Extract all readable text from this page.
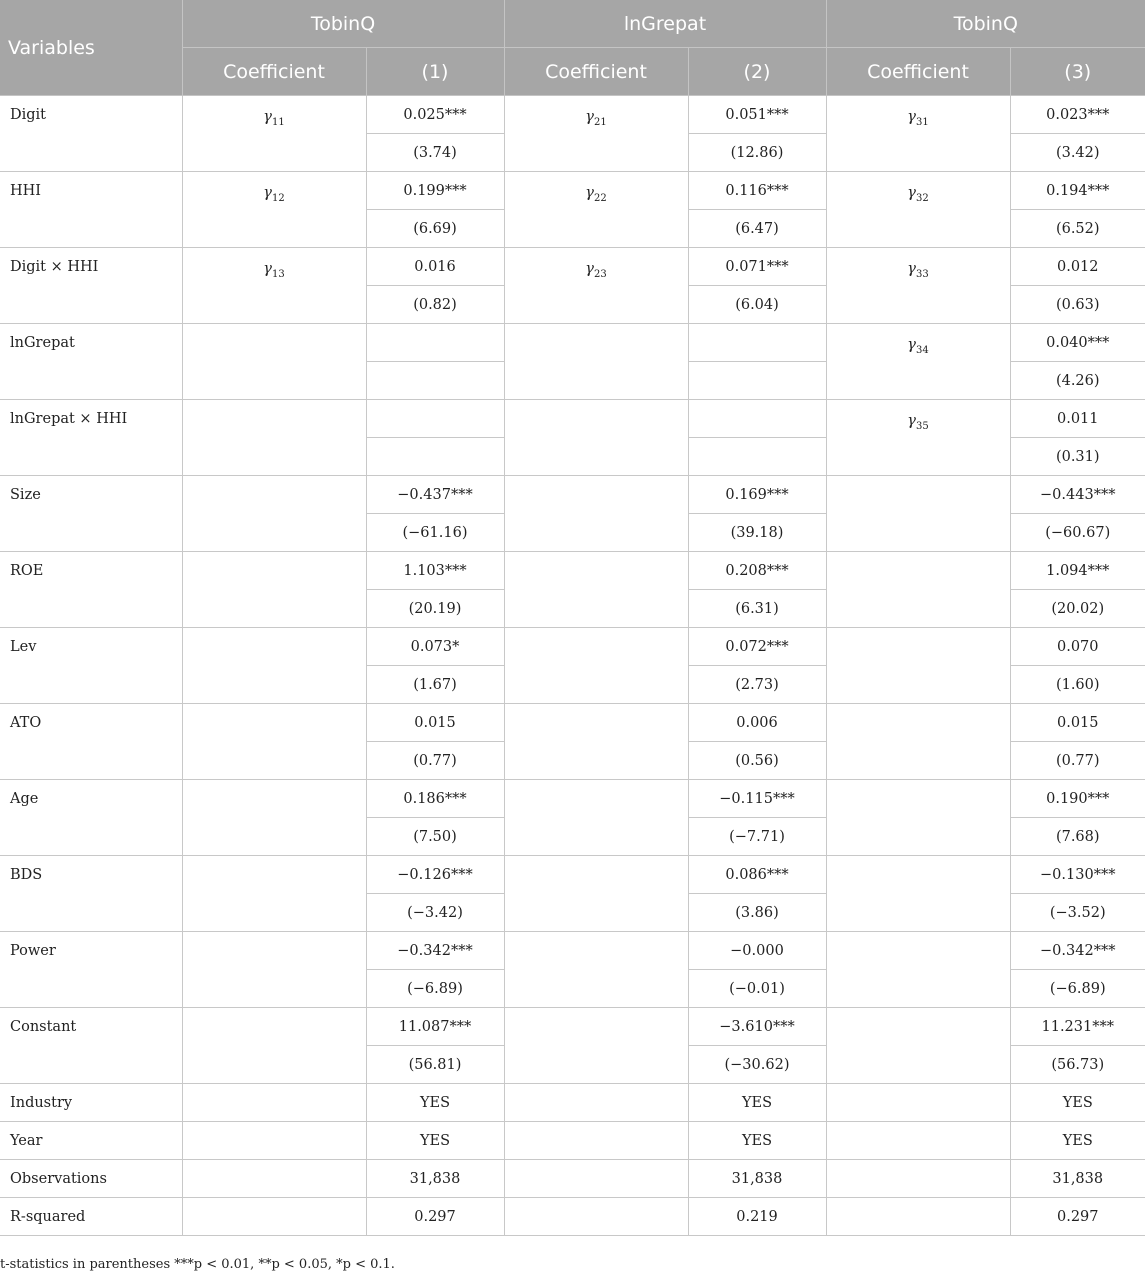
Variables	TobinQ		lnGrepat		TobinQ	
	Coefficient	(1)	Coefficient	(2)	Coefficient	(3)
Digit	$\gamma_{11}$	0.025***	$\gamma_{21}$	0.051***	$\gamma_{31}$	0.023***
		(3.74)		(12.86)		(3.42)
HHI	$\gamma_{12}$	0.199***	$\gamma_{22}$	0.116***	$\gamma_{32}$	0.194***
		(6.69)		(6.47)		(6.52)
Digit × HHI	$\gamma_{13}$	0.016	$\gamma_{23}$	0.071***	$\gamma_{33}$	0.012
		(0.82)		(6.04)		(0.63)
lnGrepat					$\gamma_{34}$	0.040***
						(4.26)
lnGrepat × HHI					$\gamma_{35}$	0.011
						(0.31)
Size		−0.437***		0.169***		−0.443***
		(−61.16)		(39.18)		(−60.67)
ROE		1.103***		0.208***		1.094***
		(20.19)		(6.31)		(20.02)
Lev		0.073*		0.072***		0.070
		(1.67)		(2.73)		(1.60)
ATO		0.015		0.006		0.015
		(0.77)		(0.56)		(0.77)
Age		0.186***		−0.115***		0.190***
		(7.50)		(−7.71)		(7.68)
BDS		−0.126***		0.086***		−0.130***
		(−3.42)		(3.86)		(−3.52)
Power		−0.342***		−0.000		−0.342***
		(−6.89)		(−0.01)		(−6.89)
Constant		11.087***		−3.610***		11.231***
		(56.81)		(−30.62)		(56.73)
Industry		YES		YES		YES
Year		YES		YES		YES
Observations		31,838		31,838		31,838
R-squared		0.297		0.219		0.297
t-statistics in parentheses ***p < 0.01, **p < 0.05, *p < 0.1.
